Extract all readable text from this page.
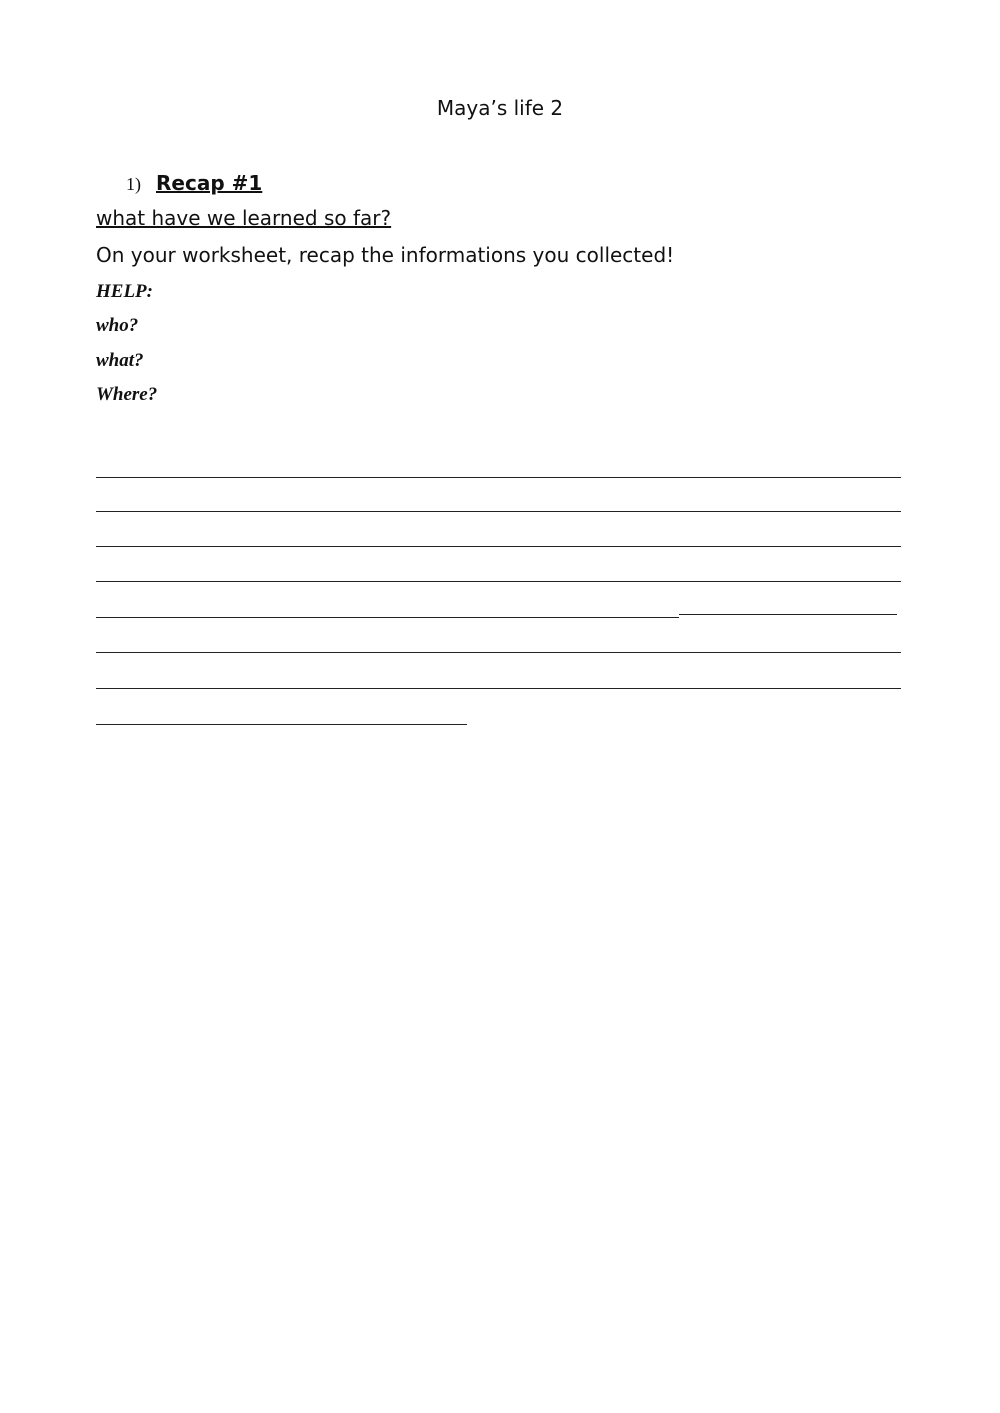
Maya’s life 2
1) Recap #1
what have we learned so far?
On your worksheet, recap the informations you collected!
HELP:
who?
what?
Where?
